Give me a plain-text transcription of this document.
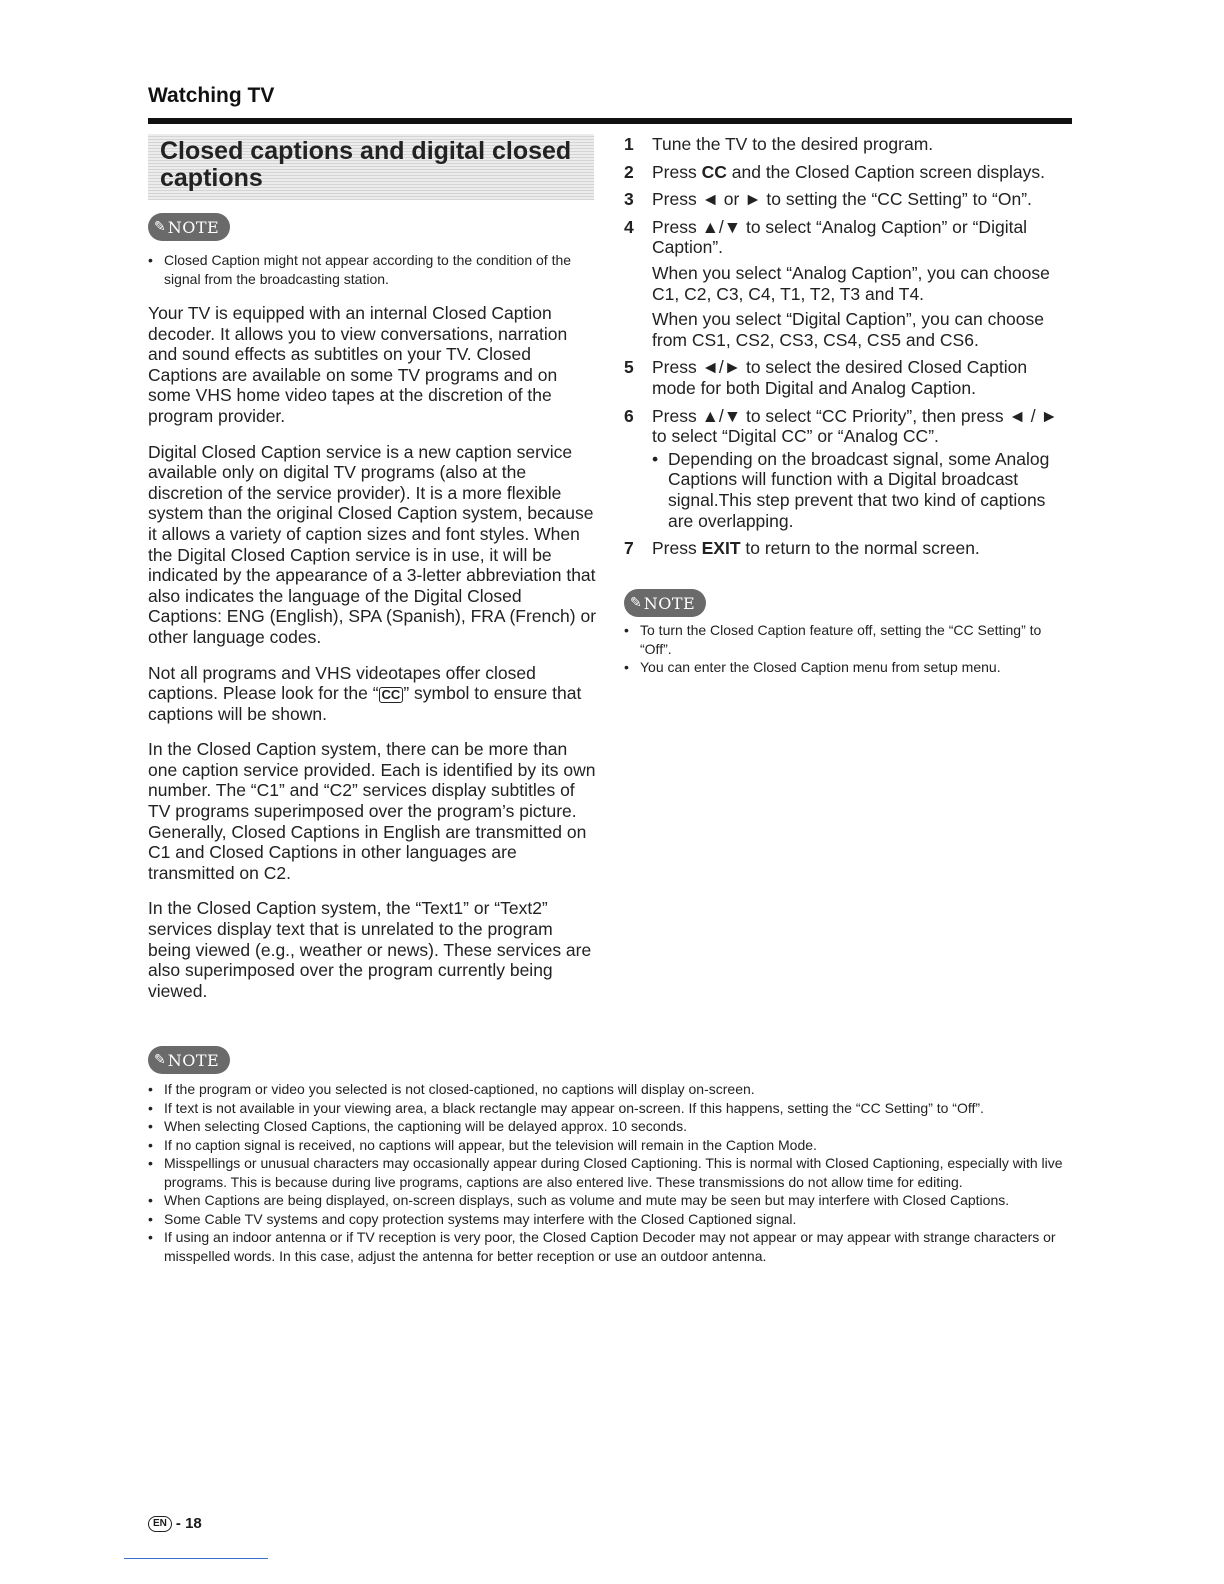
Watching TV
Closed captions and digital closed captions
✎ NOTE
• Closed Caption might not appear according to the condition of the signal from the broadcasting station.

Your TV is equipped with an internal Closed Caption decoder. It allows you to view conversations, narration and sound effects as subtitles on your TV. Closed Captions are available on some TV programs and on some VHS home video tapes at the discretion of the program provider.

Digital Closed Caption service is a new caption service available only on digital TV programs (also at the discretion of the service provider). It is a more flexible system than the original Closed Caption system, because it allows a variety of caption sizes and font styles. When the Digital Closed Caption service is in use, it will be indicated by the appearance of a 3-letter abbreviation that also indicates the language of the Digital Closed Captions: ENG (English), SPA (Spanish), FRA (French) or other language codes.

Not all programs and VHS videotapes offer closed captions. Please look for the “ CC ” symbol to ensure that captions will be shown.

In the Closed Caption system, there can be more than one caption service provided. Each is identified by its own number. The “C1” and “C2” services display subtitles of TV programs superimposed over the program’s picture. Generally, Closed Captions in English are transmitted on C1 and Closed Captions in other languages are transmitted on C2.

In the Closed Caption system, the “Text1” or “Text2” services display text that is unrelated to the program being viewed (e.g., weather or news). These services are also superimposed over the program currently being viewed.

1 Tune the TV to the desired program.
2 Press CC and the Closed Caption screen displays.
3 Press ◄ or ► to setting the “CC Setting” to “On”.
4 Press ▲/▼ to select “Analog Caption” or “Digital Caption”.
When you select “Analog Caption”, you can choose C1, C2, C3, C4, T1, T2, T3 and T4.
When you select “Digital Caption”, you can choose from CS1, CS2, CS3, CS4, CS5 and CS6.
5 Press ◄/► to select the desired Closed Caption mode for both Digital and Analog Caption.
6 Press ▲/▼ to select “CC Priority”, then press ◄ / ► to select “Digital CC” or “Analog CC”.
• Depending on the broadcast signal, some Analog Captions will function with a Digital broadcast signal.This step prevent that two kind of captions are overlapping.
7 Press EXIT to return to the normal screen.
✎ NOTE
• To turn the Closed Caption feature off, setting the “CC Setting” to “Off”.
• You can enter the Closed Caption menu from setup menu.
✎ NOTE
• If the program or video you selected is not closed-captioned, no captions will display on-screen.
• If text is not available in your viewing area, a black rectangle may appear on-screen. If this happens, setting the “CC Setting” to “Off”.
• When selecting Closed Captions, the captioning will be delayed approx. 10 seconds.
• If no caption signal is received, no captions will appear, but the television will remain in the Caption Mode.
• Misspellings or unusual characters may occasionally appear during Closed Captioning. This is normal with Closed Captioning, especially with live programs. This is because during live programs, captions are also entered live. These transmissions do not allow time for editing.
• When Captions are being displayed, on-screen displays, such as volume and mute may be seen but may interfere with Closed Captions.
• Some Cable TV systems and copy protection systems may interfere with the Closed Captioned signal.
• If using an indoor antenna or if TV reception is very poor, the Closed Caption Decoder may not appear or may appear with strange characters or misspelled words. In this case, adjust the antenna for better reception or use an outdoor antenna.
EN - 18
